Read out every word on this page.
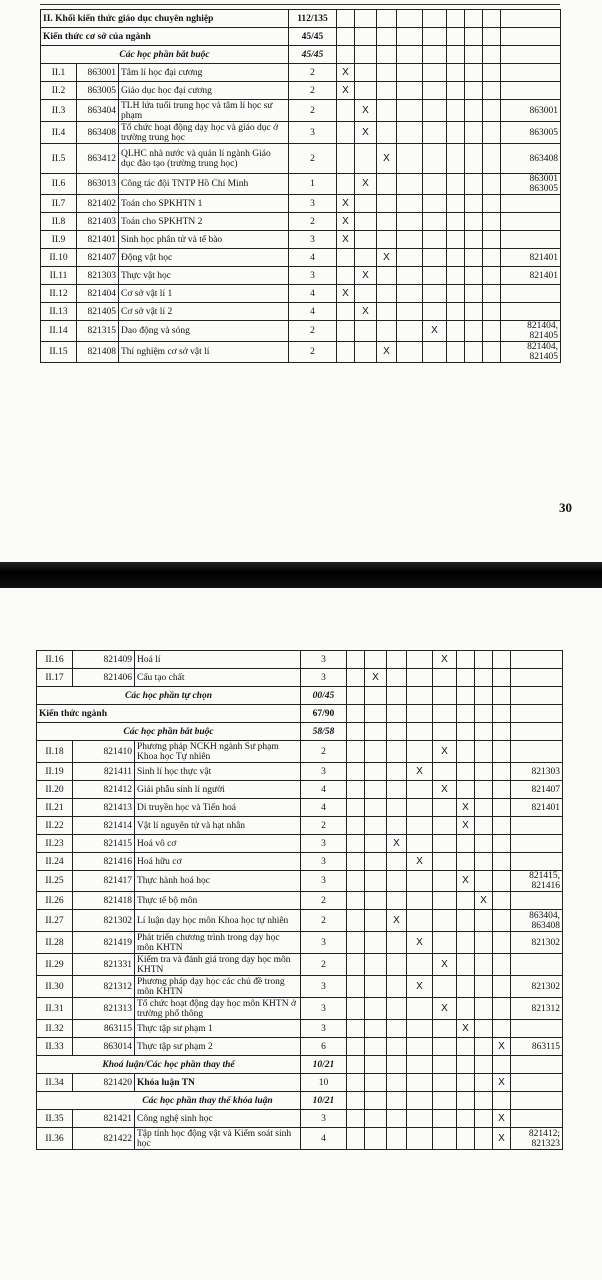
II. Khối kiến thức giáo dục chuyên nghiệp			112/135									
Kiến thức cơ sở của ngành			45/45									
Các học phần bắt buộc			45/45									
II.1	863001	Tâm lí học đại cương	2	X								
II.2	863005	Giáo dục học đại cương	2	X								
II.3	863404	TLH lứa tuổi trung học và tâm lí học sư phạm	2		X							863001
II.4	863408	Tổ chức hoạt động dạy học và giáo dục ở trường trung học	3		X							863005
II.5	863412	QLHC nhà nước và quản lí ngành Giáo dục đào tạo (trường trung học)	2			X						863408
II.6	863013	Công tác đội TNTP Hồ Chí Minh	1		X							863001 863005
II.7	821402	Toán cho SPKHTN 1	3	X								
II.8	821403	Toán cho SPKHTN 2	2	X								
II.9	821401	Sinh học phân tử và tế bào	3	X								
II.10	821407	Động vật học	4			X						821401
II.11	821303	Thực vật học	3		X							821401
II.12	821404	Cơ sở vật lí 1	4	X								
II.13	821405	Cơ sở vật lí 2	4		X							
II.14	821315	Dao động và sóng	2					X				821404, 821405
II.15	821408	Thí nghiệm cơ sở vật lí	2			X						821404, 821405
30
II.16	821409	Hoá lí	3					X				
II.17	821406	Cấu tạo chất	3		X							
Các học phần tự chọn			00/45									
Kiến thức ngành			67/90									
Các học phần bắt buộc			58/58									
II.18	821410	Phương pháp NCKH ngành Sư phạm Khoa học Tự nhiên	2					X				
II.19	821411	Sinh lí học thực vật	3				X					821303
II.20	821412	Giải phẫu sinh lí người	4					X				821407
II.21	821413	Di truyền học và Tiến hoá	4						X			821401
II.22	821414	Vật lí nguyên tử và hạt nhân	2						X			
II.23	821415	Hoá vô cơ	3			X						
II.24	821416	Hoá hữu cơ	3				X					
II.25	821417	Thực hành hoá học	3						X			821415, 821416
II.26	821418	Thực tế bộ môn	2							X		
II.27	821302	Lí luận dạy học môn Khoa học tự nhiên	2			X						863404, 863408
II.28	821419	Phát triển chương trình trong dạy học môn KHTN	3				X					821302
II.29	821331	Kiểm tra và đánh giá trong dạy học môn KHTN	2					X				
II.30	821312	Phương pháp dạy học các chủ đề trong môn KHTN	3				X					821302
II.31	821313	Tổ chức hoạt động dạy học môn KHTN ở trường phổ thông	3					X				821312
II.32	863115	Thực tập sư phạm 1	3						X			
II.33	863014	Thực tập sư phạm 2	6								X	863115
Khoá luận/Các học phần thay thế			10/21									
II.34	821420	Khóa luận TN	10								X	
Các học phần thay thế khóa luận			10/21									
II.35	821421	Công nghệ sinh học	3								X	
II.36	821422	Tập tính học động vật và Kiểm soát sinh học	4								X	821412; 821323
